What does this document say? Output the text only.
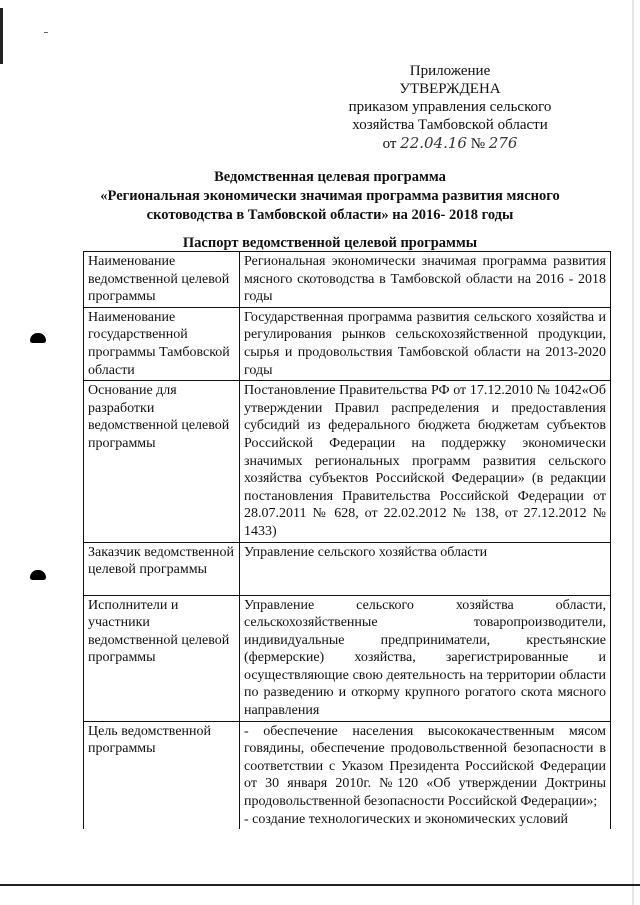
Приложение
УТВЕРЖДЕНА
приказом управления сельского
хозяйства Тамбовской области
от 22.04.16 № 276
Ведомственная целевая программа
«Региональная экономически значимая программа развития мясного
скотоводства в Тамбовской области» на 2016- 2018 годы
Паспорт ведомственной целевой программы
Наименование ведомственной целевой программы	Региональная экономически значимая программа развития мясного скотоводства в Тамбовской области на 2016 - 2018 годы
Наименование государственной программы Тамбовской области	Государственная программа развития сельского хозяйства и регулирования рынков сельскохозяйственной продукции, сырья и продовольствия Тамбовской области на 2013-2020 годы
Основание для разработки ведомственной целевой программы	Постановление Правительства РФ от 17.12.2010 № 1042«Об утверждении Правил распределения и предоставления субсидий из федерального бюджета бюджетам субъектов Российской Федерации на поддержку экономически значимых региональных программ развития сельского хозяйства субъектов Российской Федерации» (в редакции постановления Правительства Российской Федерации от 28.07.2011 № 628, от 22.02.2012 № 138, от 27.12.2012 № 1433)
Заказчик ведомственной целевой программы	Управление сельского хозяйства области
Исполнители и участники ведомственной целевой программы	Управление сельского хозяйства области, сельскохозяйственные товаропроизводители, индивидуальные предприниматели, крестьянские (фермерские) хозяйства, зарегистрированные и осуществляющие свою деятельность на территории области по разведению и откорму крупного рогатого скота мясного направления
Цель ведомственной программы	- обеспечение населения высококачественным мясом говядины, обеспечение продовольственной безопасности в соответствии с Указом Президента Российской Федерации от 30 января 2010г. №120 «Об утверждении Доктрины продовольственной безопасности Российской Федерации»;
- создание технологических и экономических условий
